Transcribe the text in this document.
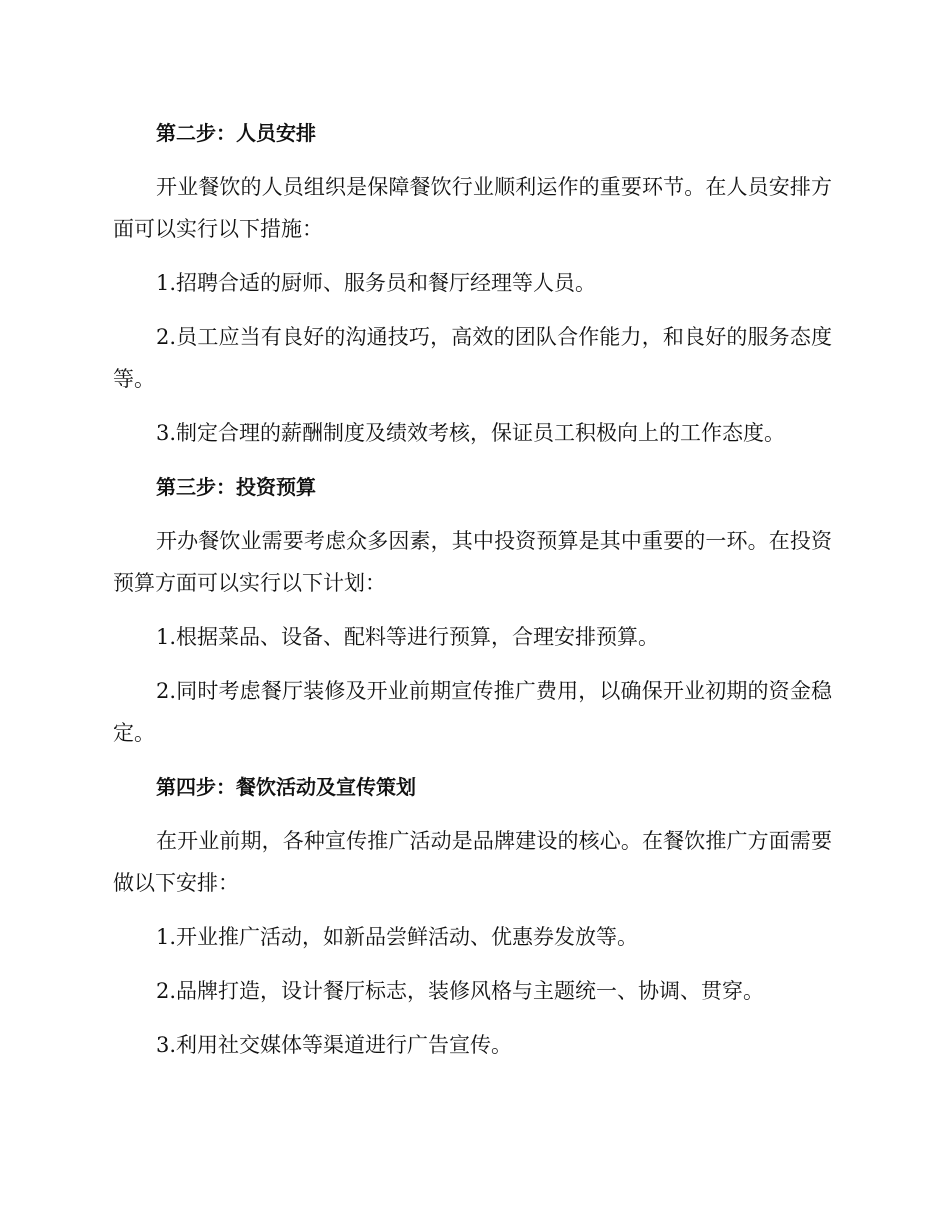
第二步：人员安排

开业餐饮的人员组织是保障餐饮行业顺利运作的重要环节。在人员安排方面可以实行以下措施：

1.招聘合适的厨师、服务员和餐厅经理等人员。

2.员工应当有良好的沟通技巧，高效的团队合作能力，和良好的服务态度等。

3.制定合理的薪酬制度及绩效考核，保证员工积极向上的工作态度。

第三步：投资预算

开办餐饮业需要考虑众多因素，其中投资预算是其中重要的一环。在投资预算方面可以实行以下计划：

1.根据菜品、设备、配料等进行预算，合理安排预算。

2.同时考虑餐厅装修及开业前期宣传推广费用，以确保开业初期的资金稳定。

第四步：餐饮活动及宣传策划

在开业前期，各种宣传推广活动是品牌建设的核心。在餐饮推广方面需要做以下安排：

1.开业推广活动，如新品尝鲜活动、优惠券发放等。

2.品牌打造，设计餐厅标志，装修风格与主题统一、协调、贯穿。

3.利用社交媒体等渠道进行广告宣传。
